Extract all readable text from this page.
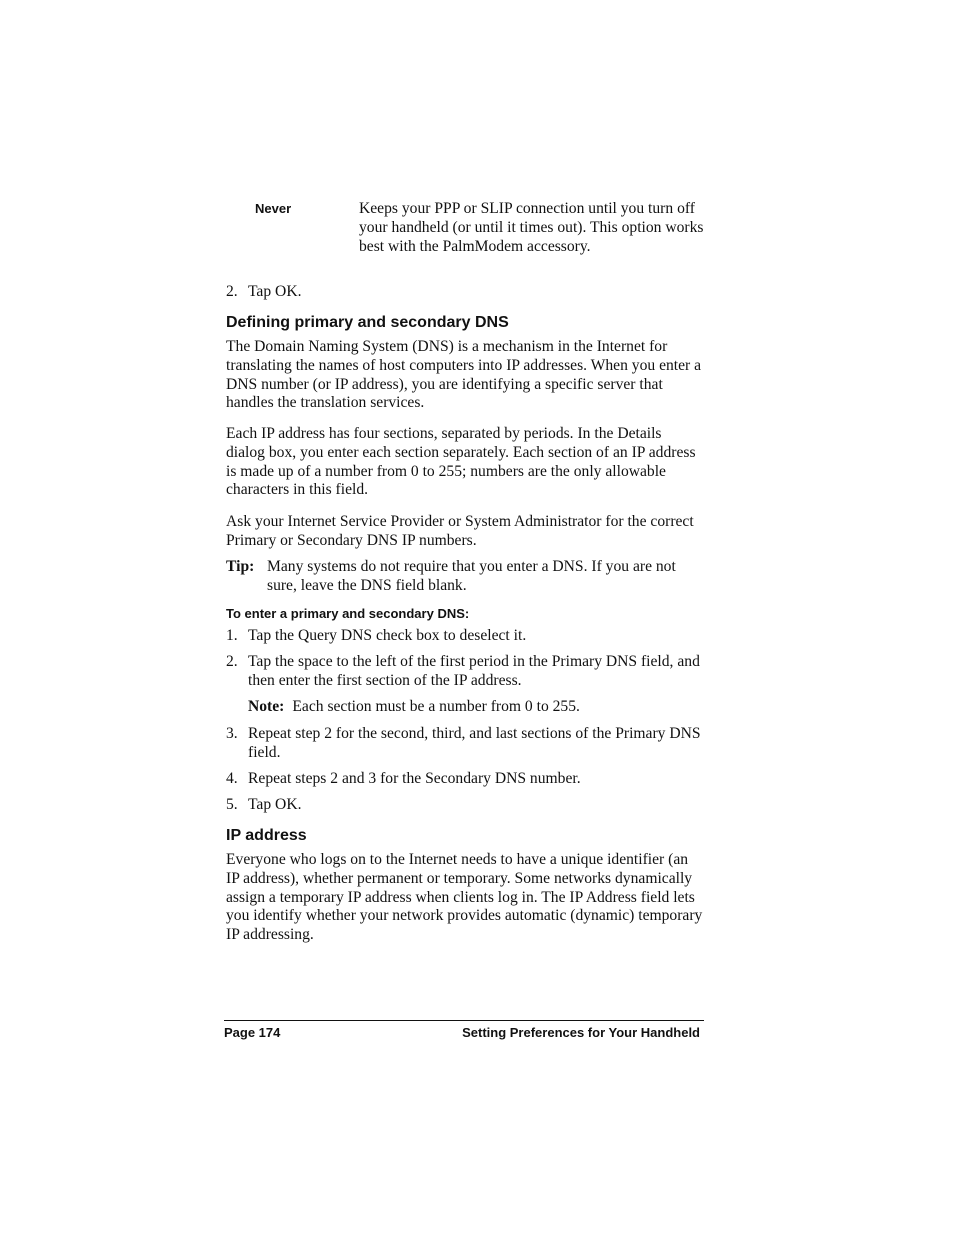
Never	Keeps your PPP or SLIP connection until you turn off your handheld (or until it times out). This option works best with the PalmModem accessory.
2. Tap OK.
Defining primary and secondary DNS
The Domain Naming System (DNS) is a mechanism in the Internet for translating the names of host computers into IP addresses. When you enter a DNS number (or IP address), you are identifying a specific server that handles the translation services.
Each IP address has four sections, separated by periods. In the Details dialog box, you enter each section separately. Each section of an IP address is made up of a number from 0 to 255; numbers are the only allowable characters in this field.
Ask your Internet Service Provider or System Administrator for the correct Primary or Secondary DNS IP numbers.
Tip: Many systems do not require that you enter a DNS. If you are not sure, leave the DNS field blank.
To enter a primary and secondary DNS:
1. Tap the Query DNS check box to deselect it.
2. Tap the space to the left of the first period in the Primary DNS field, and then enter the first section of the IP address.
Note: Each section must be a number from 0 to 255.
3. Repeat step 2 for the second, third, and last sections of the Primary DNS field.
4. Repeat steps 2 and 3 for the Secondary DNS number.
5. Tap OK.
IP address
Everyone who logs on to the Internet needs to have a unique identifier (an IP address), whether permanent or temporary. Some networks dynamically assign a temporary IP address when clients log in. The IP Address field lets you identify whether your network provides automatic (dynamic) temporary IP addressing.
Page 174	Setting Preferences for Your Handheld
